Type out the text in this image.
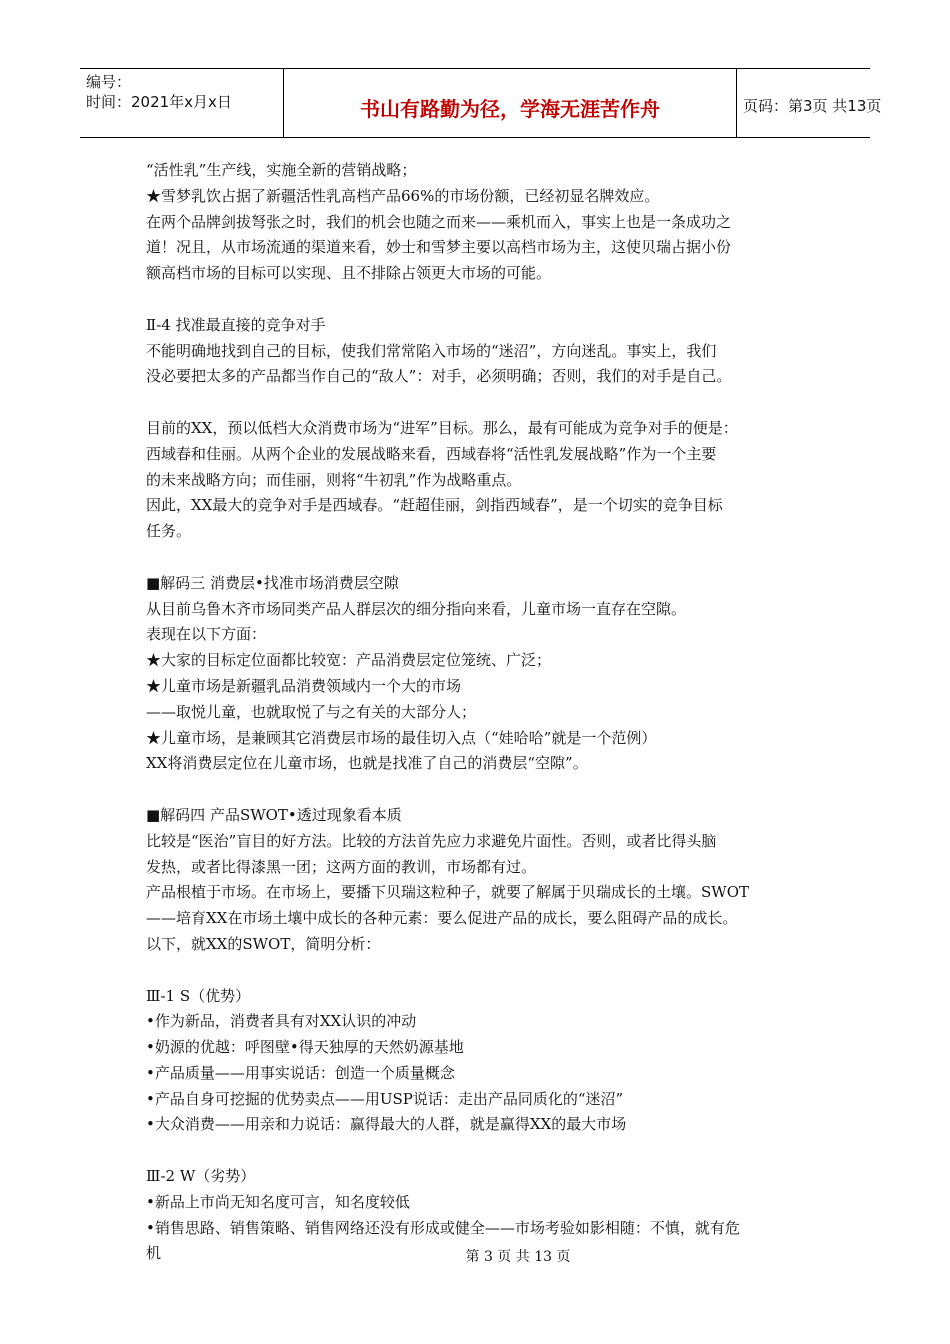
编号：
时间：2021年x月x日	书山有路勤为径，学海无涯苦作舟	页码：第3页 共13页
“活性乳”生产线，实施全新的营销战略；
★雪梦乳饮占据了新疆活性乳高档产品66%的市场份额，已经初显名牌效应。
在两个品牌剑拔弩张之时，我们的机会也随之而来——乘机而入，事实上也是一条成功之
道！况且，从市场流通的渠道来看，妙士和雪梦主要以高档市场为主，这使贝瑞占据小份
额高档市场的目标可以实现、且不排除占领更大市场的可能。
Ⅱ-4 找准最直接的竞争对手
不能明确地找到自己的目标，使我们常常陷入市场的“迷沼”，方向迷乱。事实上，我们
没必要把太多的产品都当作自己的“敌人”：对手，必须明确；否则，我们的对手是自己。
目前的XX，预以低档大众消费市场为“进军”目标。那么，最有可能成为竞争对手的便是：
西域春和佳丽。从两个企业的发展战略来看，西域春将“活性乳发展战略”作为一个主要
的未来战略方向；而佳丽，则将“牛初乳”作为战略重点。
因此，XX最大的竞争对手是西域春。“赶超佳丽，剑指西域春”，是一个切实的竞争目标
任务。
■解码三 消费层•找准市场消费层空隙
从目前乌鲁木齐市场同类产品人群层次的细分指向来看，儿童市场一直存在空隙。
表现在以下方面：
★大家的目标定位面都比较宽：产品消费层定位笼统、广泛；
★儿童市场是新疆乳品消费领域内一个大的市场
——取悦儿童，也就取悦了与之有关的大部分人；
★儿童市场，是兼顾其它消费层市场的最佳切入点（“娃哈哈”就是一个范例）
XX将消费层定位在儿童市场，也就是找准了自己的消费层“空隙”。
■解码四 产品SWOT•透过现象看本质
比较是“医治”盲目的好方法。比较的方法首先应力求避免片面性。否则，或者比得头脑
发热，或者比得漆黑一团；这两方面的教训，市场都有过。
产品根植于市场。在市场上，要播下贝瑞这粒种子，就要了解属于贝瑞成长的土壤。SWOT
——培育XX在市场土壤中成长的各种元素：要么促进产品的成长，要么阻碍产品的成长。
以下，就XX的SWOT，简明分析：
Ⅲ-1 S（优势）
•作为新品，消费者具有对XX认识的冲动
•奶源的优越：呼图壁•得天独厚的天然奶源基地
•产品质量——用事实说话：创造一个质量概念
•产品自身可挖掘的优势卖点——用USP说话：走出产品同质化的“迷沼”
•大众消费——用亲和力说话：赢得最大的人群，就是赢得XX的最大市场
Ⅲ-2 W（劣势）
•新品上市尚无知名度可言，知名度较低
•销售思路、销售策略、销售网络还没有形成或健全——市场考验如影相随：不慎，就有危
机	第 3 页 共 13 页
